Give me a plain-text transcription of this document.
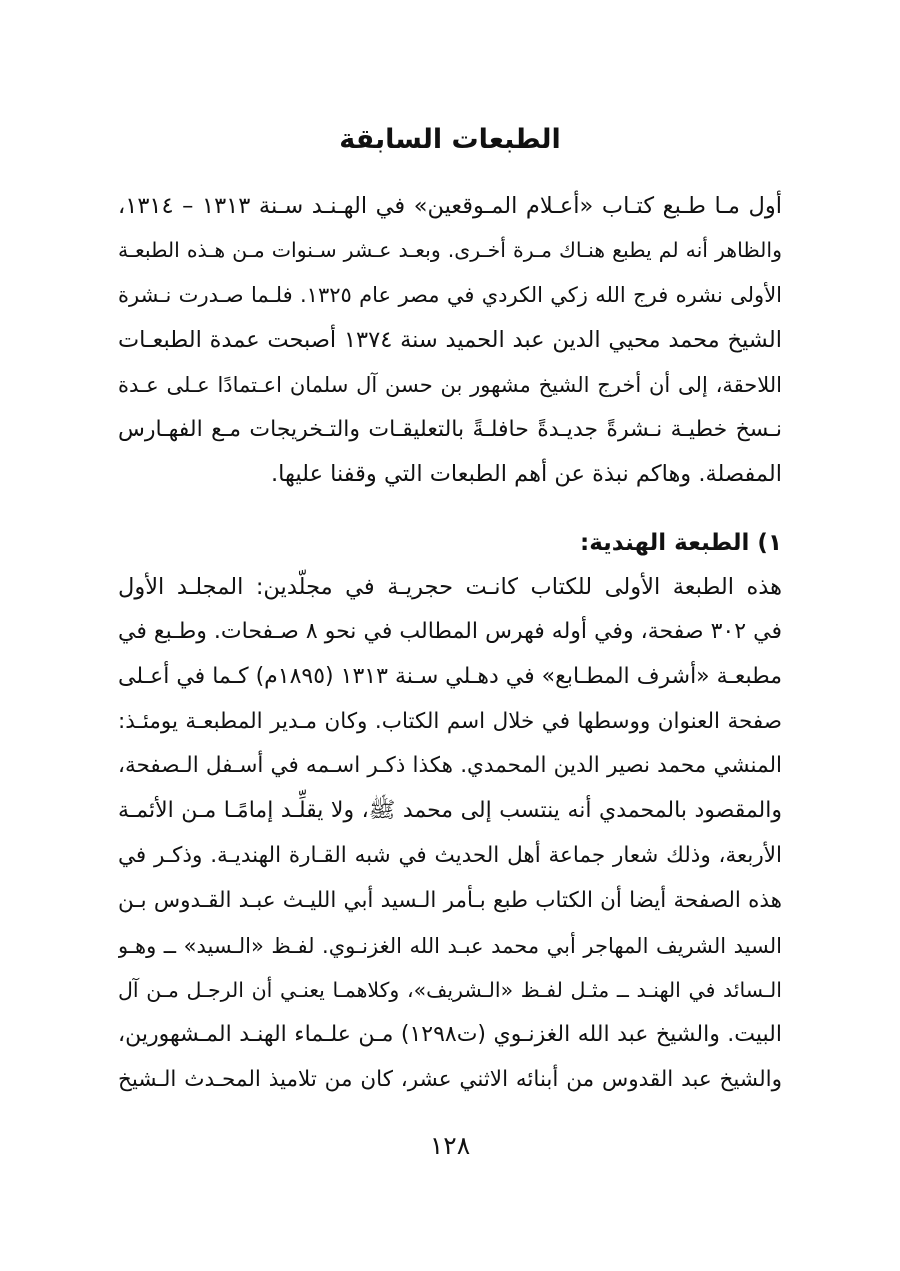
الطبعات السابقة
أول مـا طـبع كتـاب «أعـلام المـوقعين» في الهـنـد سـنة ١٣١٣ – ١٣١٤،
والظاهر أنه لم يطبع هنـاك مـرة أخـرى. وبعـد عـشر سـنوات مـن هـذه الطبعـة
الأولى نشره فرج الله زكي الكردي في مصر عام ١٣٢٥. فلـما صـدرت نـشرة
الشيخ محمد محيي الدين عبد الحميد سنة ١٣٧٤ أصبحت عمدة الطبعـات
اللاحقة، إلى أن أخرج الشيخ مشهور بن حسن آل سلمان اعـتمادًا عـلى عـدة
نـسخ خطيـة نـشرةً جديـدةً حافلـةً بالتعليقـات والتـخريجات مـع الفهـارس
المفصلة. وهاكم نبذة عن أهم الطبعات التي وقفنا عليها.
١) الطبعة الهندية:
هذه الطبعة الأولى للكتاب كانـت حجريـة في مجلّدين: المجلـد الأول
في ٣٠٢ صفحة، وفي أوله فهرس المطالب في نحو ٨ صـفحات. وطـبع في
مطبعـة «أشرف المطـابع» في دهـلي سـنة ١٣١٣ (١٨٩٥م) كـما في أعـلى
صفحة العنوان ووسطها في خلال اسم الكتاب. وكان مـدير المطبعـة يومئـذ:
المنشي محمد نصير الدين المحمدي. هكذا ذكـر اسـمه في أسـفل الـصفحة،
والمقصود بالمحمدي أنه ينتسب إلى محمد ﷺ، ولا يقلِّـد إمامًـا مـن الأئمـة
الأربعة، وذلك شعار جماعة أهل الحديث في شبه القـارة الهنديـة. وذكـر في
هذه الصفحة أيضا أن الكتاب طبع بـأمر الـسيد أبي الليـث عبـد القـدوس بـن
السيد الشريف المهاجر أبي محمد عبـد الله الغزنـوي. لفـظ «الـسيد» ــ وهـو
الـسائد في الهنـد ــ مثـل لفـظ «الـشريف»، وكلاهمـا يعنـي أن الرجـل مـن آل
البيت. والشيخ عبد الله الغزنـوي (ت١٢٩٨) مـن علـماء الهنـد المـشهورين،
والشيخ عبد القدوس من أبنائه الاثني عشر، كان من تلاميذ المحـدث الـشيخ
١٢٨
